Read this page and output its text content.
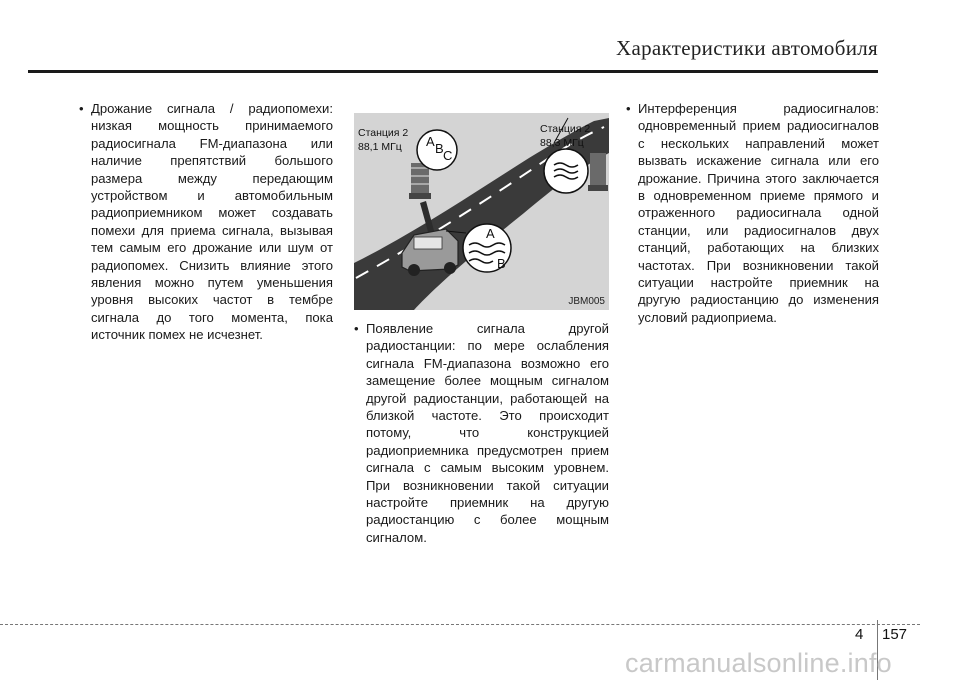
Характеристики автомобиля

• Дрожание сигнала / радиопомехи: низкая мощность принимаемого радиосигнала FM-диапазона или наличие препятствий большого размера между передающим устройством и автомобильным радиоприемником может создавать помехи для приема сигнала, вызывая тем самым его дрожание или шум от радиопомех. Снизить влияние этого явления можно путем уменьшения уровня высоких частот в тембре сигнала до того момента, пока источник помех не исчезнет.

Станция 2
88,1 МГц
Станция 2
88,3 МГц
A B C
A
B
JBM005

• Появление сигнала другой радиостанции: по мере ослабления сигнала FM-диапазона возможно его замещение более мощным сигналом другой радиостанции, работающей на близкой частоте. Это происходит потому, что конструкцией радиоприемника предусмотрен прием сигнала с самым высоким уровнем. При возникновении такой ситуации настройте приемник на другую радиостанцию с более мощным сигналом.

• Интерференция радиосигналов: одновременный прием радиосигналов с нескольких направлений может вызвать искажение сигнала или его дрожание. Причина этого заключается в одновременном приеме прямого и отраженного радиосигнала одной станции, или радиосигналов двух станций, работающих на близких частотах. При возникновении такой ситуации настройте приемник на другую радиостанцию до изменения условий радиоприема.

4 157
carmanualsonline.info
